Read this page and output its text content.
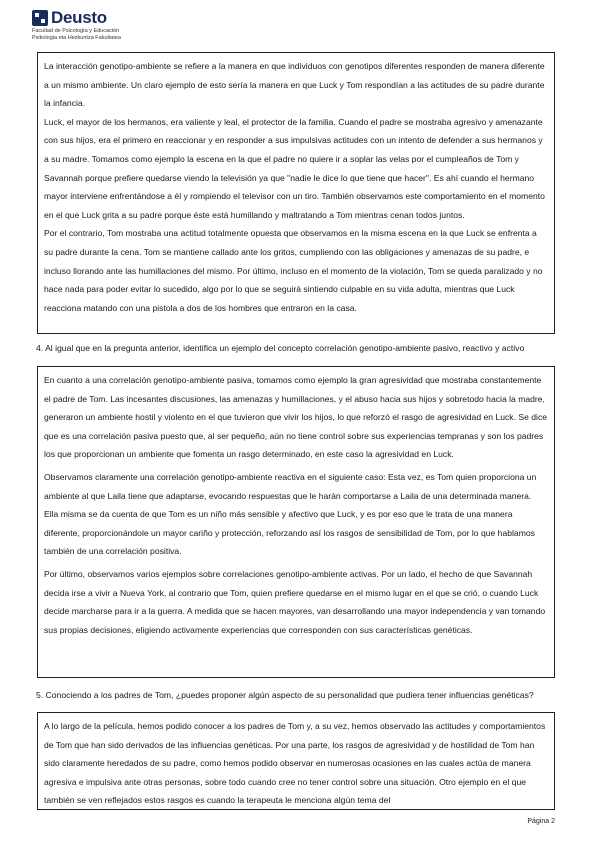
Deusto
Facultad de Psicología y Educación
Psikologia eta Hezkuntza Fakultatea

La interacción genotipo-ambiente se refiere a la manera en que individuos con genotipos diferentes responden de manera diferente a un mismo ambiente. Un claro ejemplo de esto sería la manera en que Luck y Tom respondían a las actitudes de su padre durante la infancia.

Luck, el mayor de los hermanos, era valiente y leal, el protector de la familia. Cuando el padre se mostraba agresivo y amenazante con sus hijos, era el primero en reaccionar y en responder a sus impulsivas actitudes con un intento de defender a sus hermanos y a su madre. Tomamos como ejemplo la escena en la que el padre no quiere ir a soplar las velas por el cumpleaños de Tom y Savannah porque prefiere quedarse viendo la televisión ya que "nadie le dice lo que tiene que hacer". Es ahí cuando el hermano mayor interviene enfrentándose a él y rompiendo el televisor con un tiro. También observamos este comportamiento en el momento en el que Luck grita a su padre porque éste está humillando y maltratando a Tom mientras cenan todos juntos.

Por el contrario, Tom mostraba una actitud totalmente opuesta que observamos en la misma escena en la que Luck se enfrenta a su padre durante la cena. Tom se mantiene callado ante los gritos, cumpliendo con las obligaciones y amenazas de su padre, e incluso llorando ante las humillaciones del mismo. Por último, incluso en el momento de la violación, Tom se queda paralizado y no hace nada para poder evitar lo sucedido, algo por lo que se seguirá sintiendo culpable en su vida adulta, mientras que Luck reacciona matando con una pistola a dos de los hombres que entraron en la casa.

4. Al igual que en la pregunta anterior, identifica un ejemplo del concepto correlación genotipo-ambiente pasivo, reactivo y activo

En cuanto a una correlación genotipo-ambiente pasiva, tomamos como ejemplo la gran agresividad que mostraba constantemente el padre de Tom. Las incesantes discusiones, las amenazas y humillaciones, y el abuso hacia sus hijos y sobretodo hacia la madre, generaron un ambiente hostil y violento en el que tuvieron que vivir los hijos, lo que reforzó el rasgo de agresividad en Luck. Se dice que es una correlación pasiva puesto que, al ser pequeño, aún no tiene control sobre sus experiencias tempranas y son los padres los que proporcionan un ambiente que fomenta un rasgo determinado, en este caso la agresividad en Luck.

Observamos claramente una correlación genotipo-ambiente reactiva en el siguiente caso: Esta vez, es Tom quien proporciona un ambiente al que Laila tiene que adaptarse, evocando respuestas que le harán comportarse a Laila de una determinada manera. Ella misma se da cuenta de que Tom es un niño más sensible y afectivo que Luck, y es por eso que le trata de una manera diferente, proporcionándole un mayor cariño y protección, reforzando así los rasgos de sensibilidad de Tom, por lo que hablamos también de una correlación positiva.

Por último, observamos varios ejemplos sobre correlaciones genotipo-ambiente activas. Por un lado, el hecho de que Savannah decida irse a vivir a Nueva York, al contrario que Tom, quien prefiere quedarse en el mismo lugar en el que se crió, o cuando Luck decide marcharse para ir a la guerra. A medida que se hacen mayores, van desarrollando una mayor independencia y van tomando sus propias decisiones, eligiendo activamente experiencias que corresponden con sus características genéticas.

5. Conociendo a los padres de Tom, ¿puedes proponer algún aspecto de su personalidad que pudiera tener influencias genéticas?

A lo largo de la película, hemos podido conocer a los padres de Tom y, a su vez, hemos observado las actitudes y comportamientos de Tom que han sido derivados de las influencias genéticas. Por una parte, los rasgos de agresividad y de hostilidad de Tom han sido claramente heredados de su padre, como hemos podido observar en numerosas ocasiones en las cuales actúa de manera agresiva e impulsiva ante otras personas, sobre todo cuando cree no tener control sobre una situación. Otro ejemplo en el que también se ven reflejados estos rasgos es cuando la terapeuta le menciona algún tema del

Página 2
